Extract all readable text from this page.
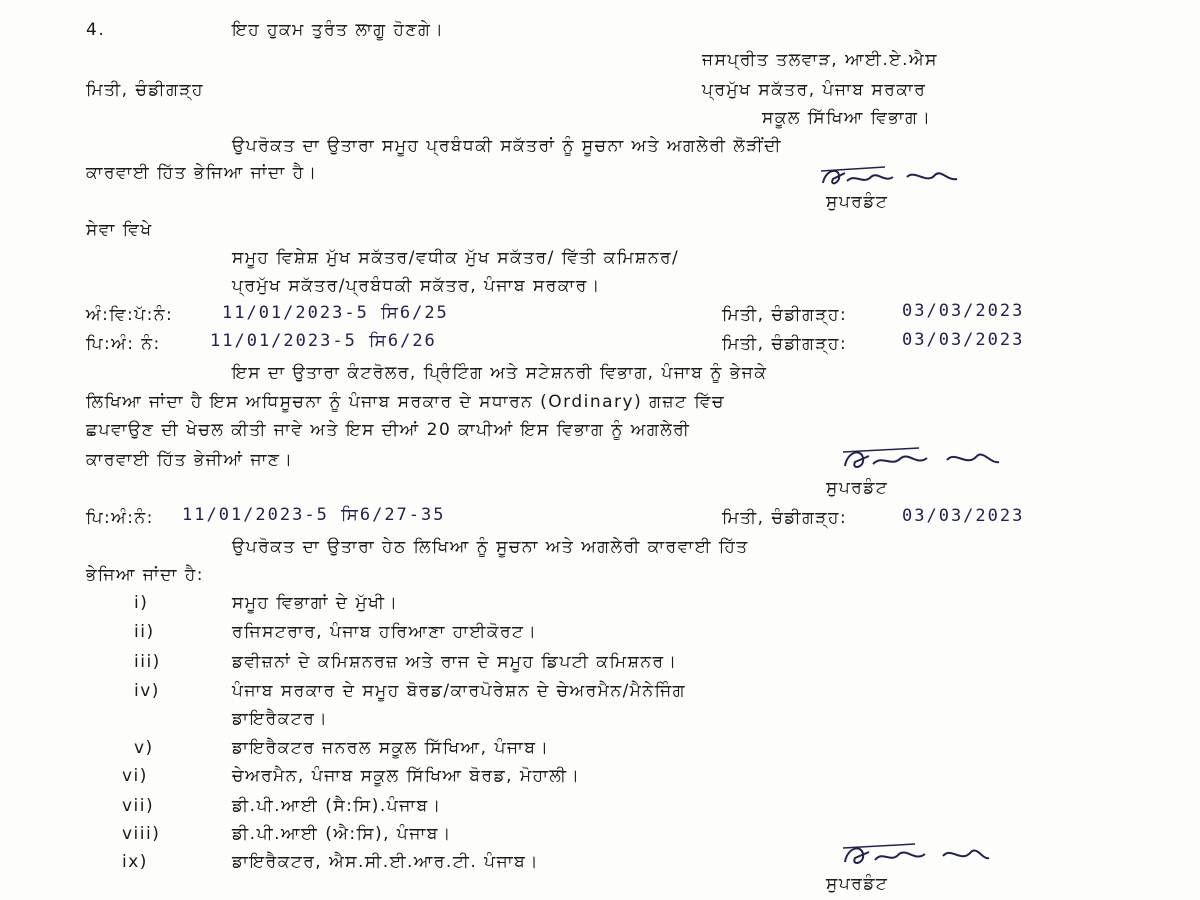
4.	ਇਹ ਹੁਕਮ ਤੁਰੰਤ ਲਾਗੂ ਹੋਣਗੇ।
ਜਸਪ੍ਰੀਤ ਤਲਵਾੜ, ਆਈ.ਏ.ਐਸ
ਮਿਤੀ, ਚੰਡੀਗੜ੍ਹ	ਪ੍ਰਮੁੱਖ ਸਕੱਤਰ, ਪੰਜਾਬ ਸਰਕਾਰ
ਸਕੂਲ ਸਿੱਖਿਆ ਵਿਭਾਗ।
ਉਪਰੋਕਤ ਦਾ ਉਤਾਰਾ ਸਮੂਹ ਪ੍ਰਬੰਧਕੀ ਸਕੱਤਰਾਂ ਨੂੰ ਸੂਚਨਾ ਅਤੇ ਅਗਲੇਰੀ ਲੋੜੀਂਦੀ
ਕਾਰਵਾਈ ਹਿੱਤ ਭੇਜਿਆ ਜਾਂਦਾ ਹੈ।
ਸੁਪਰਡੰਟ
ਸੇਵਾ ਵਿਖੇ
ਸਮੂਹ ਵਿਸ਼ੇਸ਼ ਮੁੱਖ ਸਕੱਤਰ/ਵਧੀਕ ਮੁੱਖ ਸਕੱਤਰ/ ਵਿੱਤੀ ਕਮਿਸ਼ਨਰ/
ਪ੍ਰਮੁੱਖ ਸਕੱਤਰ/ਪ੍ਰਬੰਧਕੀ ਸਕੱਤਰ, ਪੰਜਾਬ ਸਰਕਾਰ।
ਅੰ:ਵਿ:ਪੱ:ਨੰ:	11/01/2023-5 ਸਿ6/25	ਮਿਤੀ, ਚੰਡੀਗੜ੍ਹ:	03/03/2023
ਪਿ:ਅੰ: ਨੰ:	11/01/2023-5 ਸਿ6/26	ਮਿਤੀ, ਚੰਡੀਗੜ੍ਹ:	03/03/2023
ਇਸ ਦਾ ਉਤਾਰਾ ਕੰਟਰੋਲਰ, ਪ੍ਰਿੰਟਿੰਗ ਅਤੇ ਸਟੇਸ਼ਨਰੀ ਵਿਭਾਗ, ਪੰਜਾਬ ਨੂੰ ਭੇਜਕੇ
ਲਿਖਿਆ ਜਾਂਦਾ ਹੈ ਇਸ ਅਧਿਸੂਚਨਾ ਨੂੰ ਪੰਜਾਬ ਸਰਕਾਰ ਦੇ ਸਧਾਰਨ (Ordinary) ਗਜ਼ਟ ਵਿੱਚ
ਛਪਵਾਉਣ ਦੀ ਖੇਚਲ ਕੀਤੀ ਜਾਵੇ ਅਤੇ ਇਸ ਦੀਆਂ 20 ਕਾਪੀਆਂ ਇਸ ਵਿਭਾਗ ਨੂੰ ਅਗਲੇਰੀ
ਕਾਰਵਾਈ ਹਿੱਤ ਭੇਜੀਆਂ ਜਾਣ।
ਸੁਪਰਡੰਟ
ਪਿ:ਅੰ:ਨੰ: 11/01/2023-5 ਸਿ6/27-35	ਮਿਤੀ, ਚੰਡੀਗੜ੍ਹ:	03/03/2023
ਉਪਰੋਕਤ ਦਾ ਉਤਾਰਾ ਹੇਠ ਲਿਖਿਆ ਨੂੰ ਸੂਚਨਾ ਅਤੇ ਅਗਲੇਰੀ ਕਾਰਵਾਈ ਹਿੱਤ
ਭੇਜਿਆ ਜਾਂਦਾ ਹੈ:
i)	ਸਮੂਹ ਵਿਭਾਗਾਂ ਦੇ ਮੁੱਖੀ।
ii)	ਰਜਿਸਟਰਾਰ, ਪੰਜਾਬ ਹਰਿਆਣਾ ਹਾਈਕੋਰਟ।
iii)	ਡਵੀਜ਼ਨਾਂ ਦੇ ਕਮਿਸ਼ਨਰਜ਼ ਅਤੇ ਰਾਜ ਦੇ ਸਮੂਹ ਡਿਪਟੀ ਕਮਿਸ਼ਨਰ।
iv)	ਪੰਜਾਬ ਸਰਕਾਰ ਦੇ ਸਮੂਹ ਬੋਰਡ/ਕਾਰਪੋਰੇਸ਼ਨ ਦੇ ਚੇਅਰਮੈਨ/ਮੈਨੇਜਿੰਗ
ਡਾਇਰੈਕਟਰ।
v)	ਡਾਇਰੈਕਟਰ ਜਨਰਲ ਸਕੂਲ ਸਿੱਖਿਆ, ਪੰਜਾਬ।
vi)	ਚੇਅਰਮੈਨ, ਪੰਜਾਬ ਸਕੂਲ ਸਿੱਖਿਆ ਬੋਰਡ, ਮੋਹਾਲੀ।
vii)	ਡੀ.ਪੀ.ਆਈ (ਸੈ:ਸਿ).ਪੰਜਾਬ।
viii)	ਡੀ.ਪੀ.ਆਈ (ਐ:ਸਿ), ਪੰਜਾਬ।
ix)	ਡਾਇਰੈਕਟਰ, ਐਸ.ਸੀ.ਈ.ਆਰ.ਟੀ. ਪੰਜਾਬ।
ਸੁਪਰਡੰਟ
